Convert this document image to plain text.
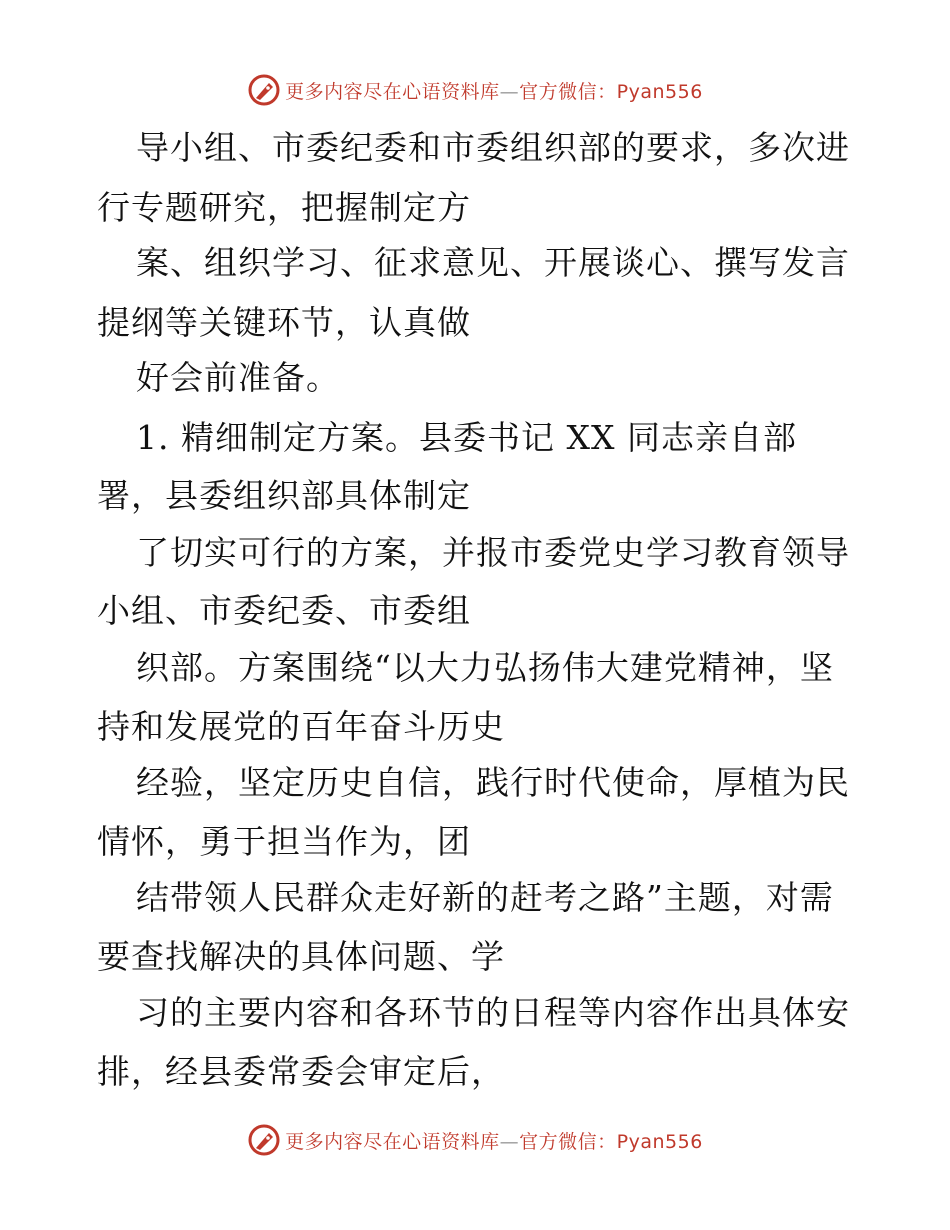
更多内容尽在心语资料库—官方微信：Pyan556
导小组、市委纪委和市委组织部的要求，多次进
行专题研究，把握制定方
案、组织学习、征求意见、开展谈心、撰写发言
提纲等关键环节，认真做
好会前准备。
1. 精细制定方案。县委书记 XX 同志亲自部
署，县委组织部具体制定
了切实可行的方案，并报市委党史学习教育领导
小组、市委纪委、市委组
织部。方案围绕“以大力弘扬伟大建党精神，坚
持和发展党的百年奋斗历史
经验，坚定历史自信，践行时代使命，厚植为民
情怀，勇于担当作为，团
结带领人民群众走好新的赶考之路”主题，对需
要查找解决的具体问题、学
习的主要内容和各环节的日程等内容作出具体安
排，经县委常委会审定后，
更多内容尽在心语资料库—官方微信：Pyan556
